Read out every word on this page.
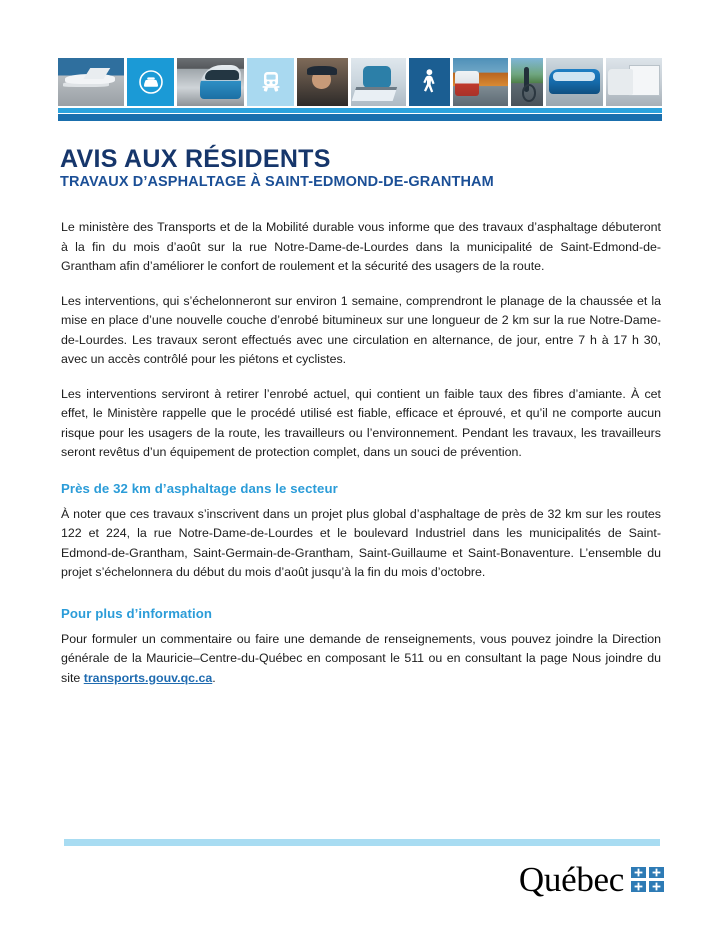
AVIS AUX RÉSIDENTS
TRAVAUX D’ASPHALTAGE À SAINT-EDMOND-DE-GRANTHAM

Le ministère des Transports et de la Mobilité durable vous informe que des travaux d’asphaltage débuteront à la fin du mois d’août sur la rue Notre-Dame-de-Lourdes dans la municipalité de Saint-Edmond-de-Grantham afin d’améliorer le confort de roulement et la sécurité des usagers de la route.

Les interventions, qui s’échelonneront sur environ 1 semaine, comprendront le planage de la chaussée et la mise en place d’une nouvelle couche d’enrobé bitumineux sur une longueur de 2 km sur la rue Notre-Dame-de-Lourdes. Les travaux seront effectués avec une circulation en alternance, de jour, entre 7 h à 17 h 30, avec un accès contrôlé pour les piétons et cyclistes.

Les interventions serviront à retirer l’enrobé actuel, qui contient un faible taux des fibres d’amiante. À cet effet, le Ministère rappelle que le procédé utilisé est fiable, efficace et éprouvé, et qu’il ne comporte aucun risque pour les usagers de la route, les travailleurs ou l’environnement. Pendant les travaux, les travailleurs seront revêtus d’un équipement de protection complet, dans un souci de prévention.

Près de 32 km d’asphaltage dans le secteur

À noter que ces travaux s’inscrivent dans un projet plus global d’asphaltage de près de 32 km sur les routes 122 et 224, la rue Notre-Dame-de-Lourdes et le boulevard Industriel dans les municipalités de Saint-Edmond-de-Grantham, Saint-Germain-de-Grantham, Saint-Guillaume et Saint-Bonaventure. L’ensemble du projet s’échelonnera du début du mois d’août jusqu’à la fin du mois d’octobre.

Pour plus d’information

Pour formuler un commentaire ou faire une demande de renseignements, vous pouvez joindre la Direction générale de la Mauricie–Centre-du-Québec en composant le 511 ou en consultant la page Nous joindre du site transports.gouv.qc.ca.

Québec
